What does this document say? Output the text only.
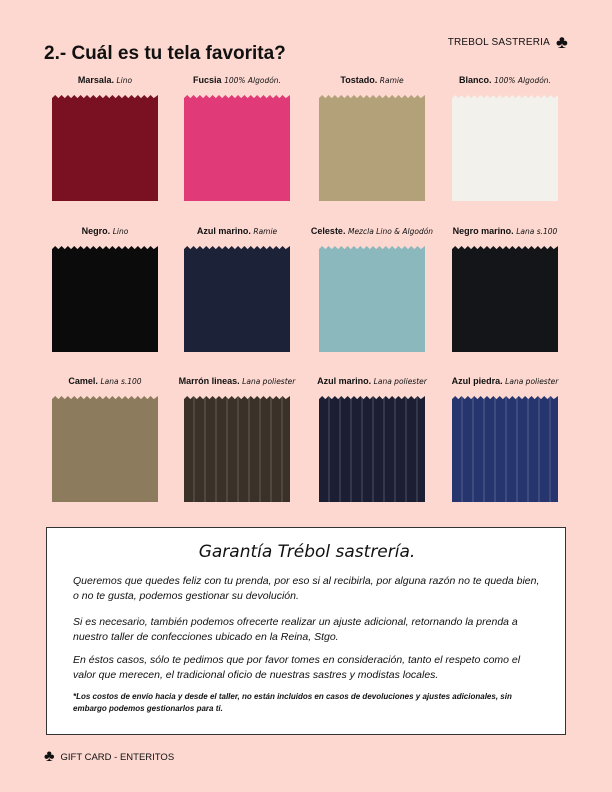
TREBOL SASTRERIA ♣
2.- Cuál es tu tela favorita?
Marsala. Lino	Fucsia 100% Algodón.	Tostado. Ramie	Blanco. 100% Algodón.
Negro. Lino	Azul marino. Ramie	Celeste. Mezcla Lino & Algodón	Negro marino. Lana s.100
Camel. Lana s.100	Marrón lineas. Lana poliester	Azul marino. Lana poliester	Azul piedra. Lana poliester
Garantía Trébol sastrería.

Queremos que quedes feliz con tu prenda, por eso si al recibirla, por alguna razón no te queda bien, o no te gusta, podemos gestionar su devolución.

Si es necesario, también podemos ofrecerte realizar un ajuste adicional, retornando la prenda a nuestro taller de confecciones ubicado en la Reina, Stgo.

En éstos casos, sólo te pedimos que por favor tomes en consideración, tanto el respeto como el valor que merecen, el tradicional oficio de nuestras sastres y modistas locales.

*Los costos de envío hacia y desde el taller, no están incluidos en casos de devoluciones y ajustes adicionales, sin embargo podemos gestionarlos para ti.

♣ GIFT CARD - ENTERITOS
